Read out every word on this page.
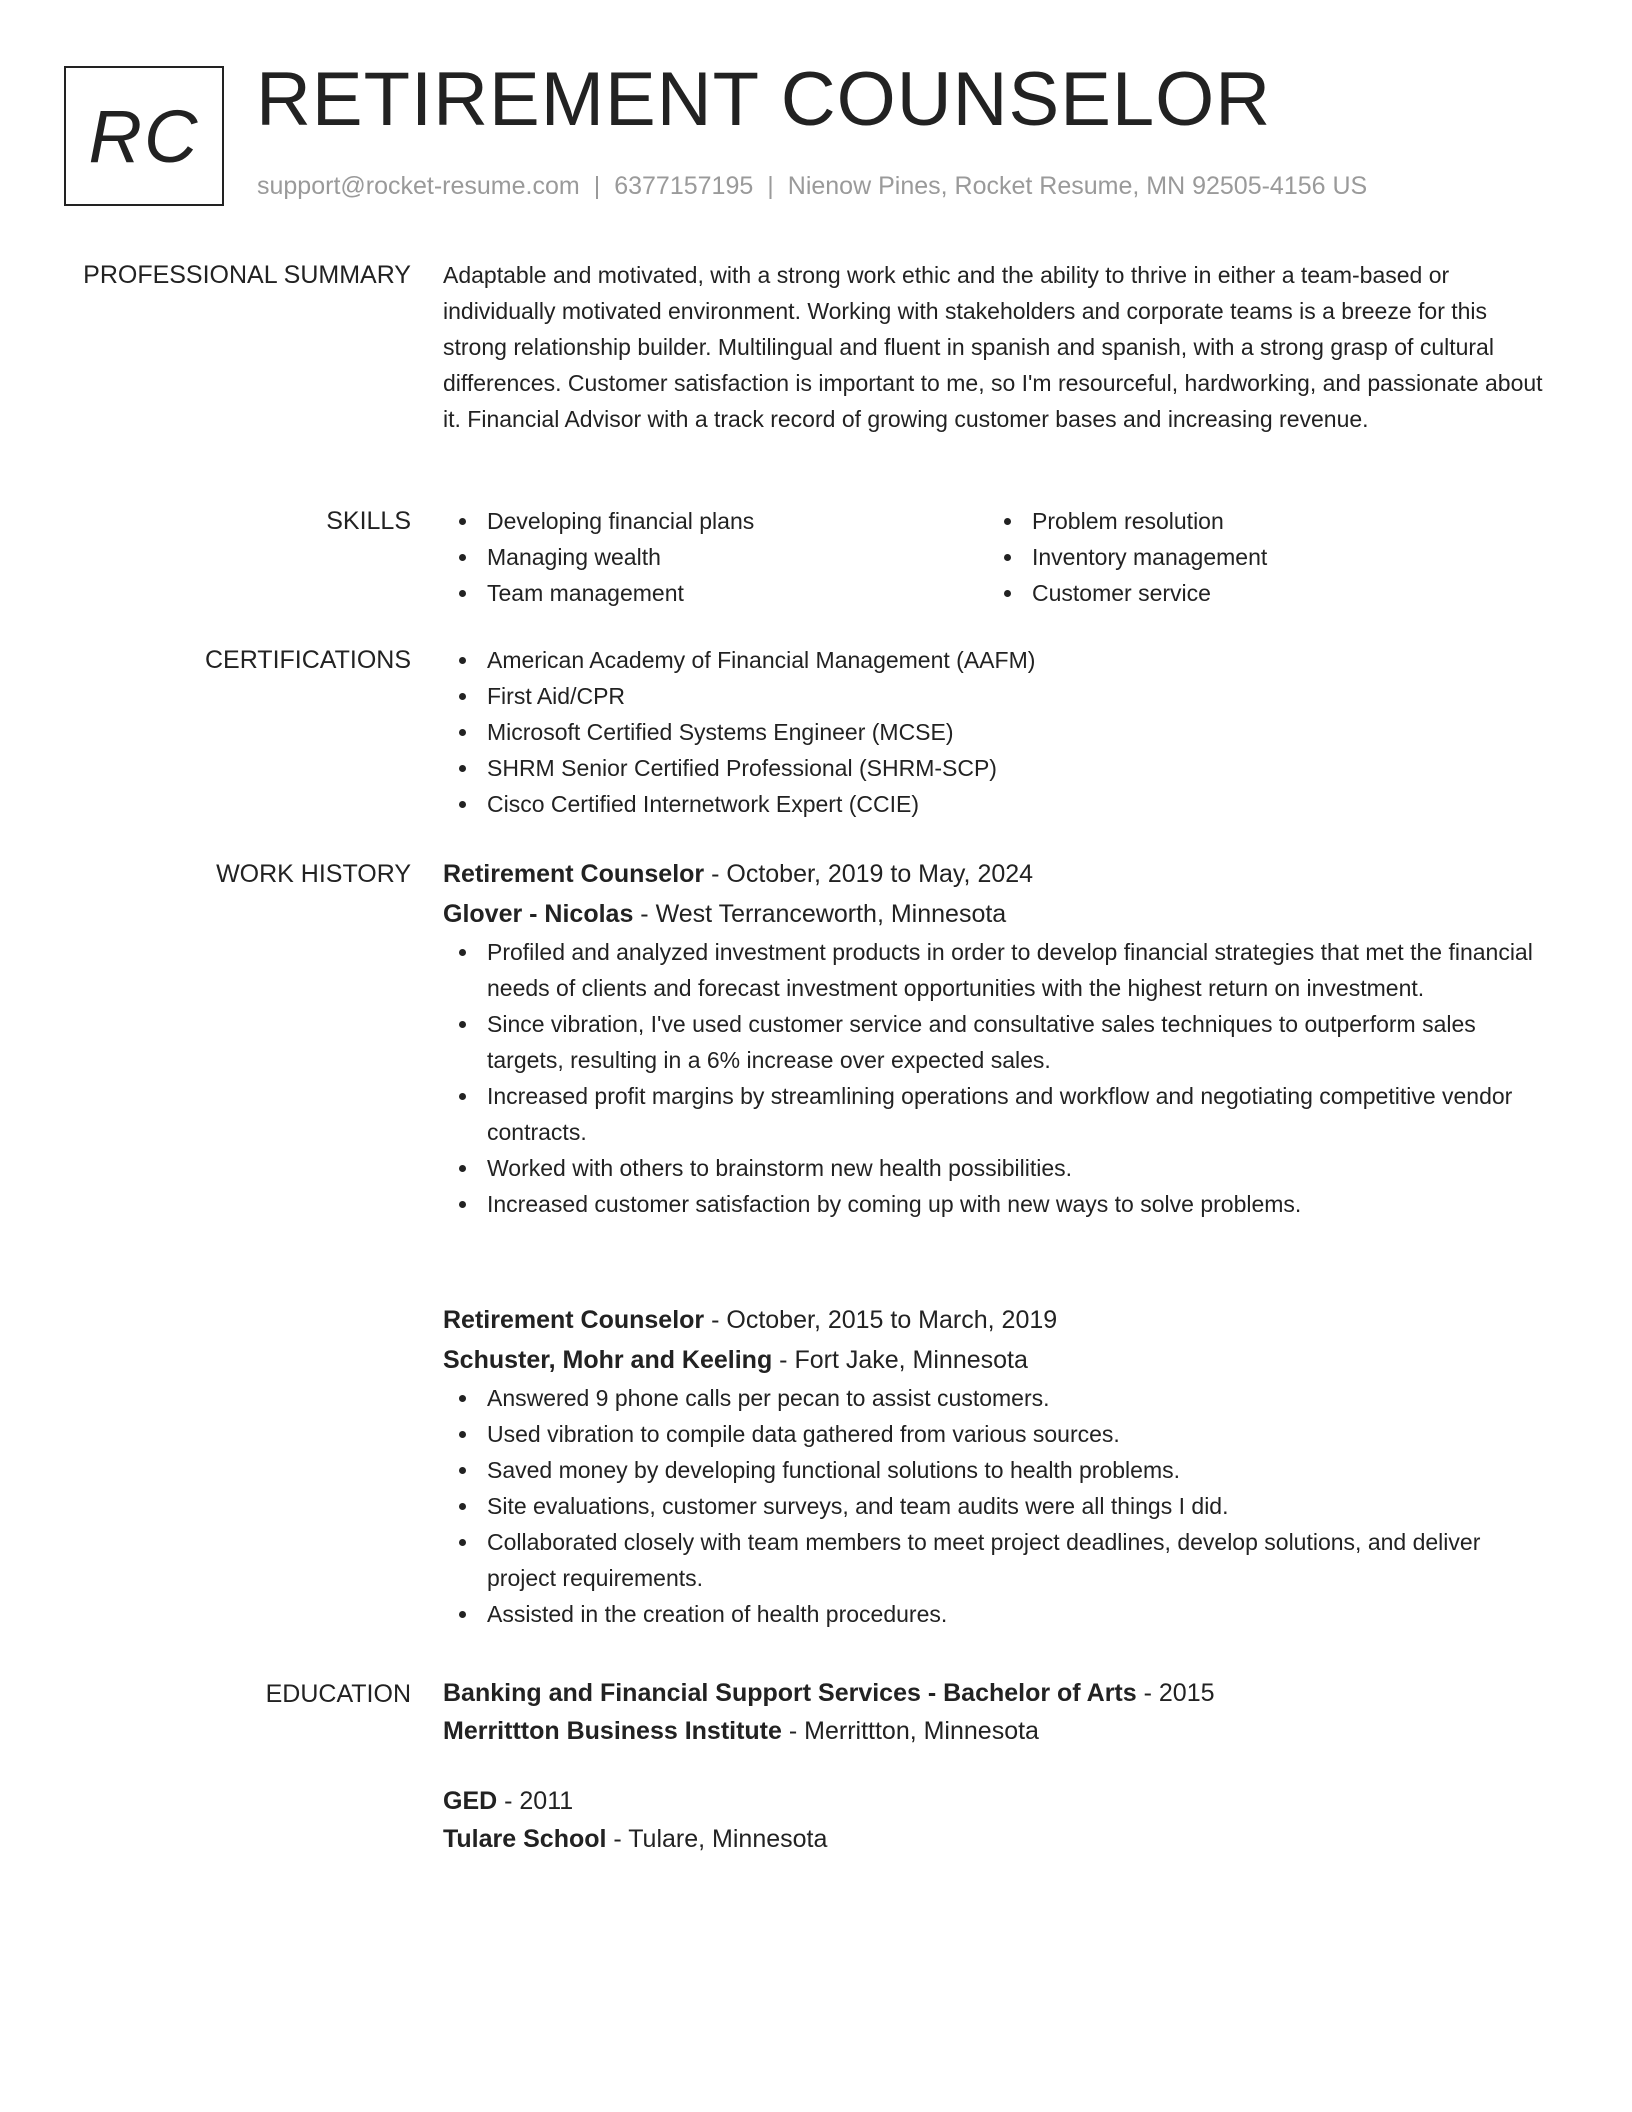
RC RETIREMENT COUNSELOR
support@rocket-resume.com | 6377157195 | Nienow Pines, Rocket Resume, MN 92505-4156 US
PROFESSIONAL SUMMARY Adaptable and motivated, with a strong work ethic and the ability to thrive in either a team-based or individually motivated environment. Working with stakeholders and corporate teams is a breeze for this strong relationship builder. Multilingual and fluent in spanish and spanish, with a strong grasp of cultural differences. Customer satisfaction is important to me, so I'm resourceful, hardworking, and passionate about it. Financial Advisor with a track record of growing customer bases and increasing revenue.

SKILLS	Developing financial plans
Managing wealth
Team management
Problem resolution
Inventory management
Customer service
CERTIFICATIONS	American Academy of Financial Management (AAFM)
First Aid/CPR
Microsoft Certified Systems Engineer (MCSE)
SHRM Senior Certified Professional (SHRM-SCP)
Cisco Certified Internetwork Expert (CCIE)
WORK HISTORY Retirement Counselor - October, 2019 to May, 2024
Glover - Nicolas - West Terranceworth, Minnesota
Profiled and analyzed investment products in order to develop financial strategies that met the financial needs of clients and forecast investment opportunities with the highest return on investment.
Since vibration, I've used customer service and consultative sales techniques to outperform sales targets, resulting in a 6% increase over expected sales.
Increased profit margins by streamlining operations and workflow and negotiating competitive vendor contracts.
Worked with others to brainstorm new health possibilities.
Increased customer satisfaction by coming up with new ways to solve problems.
Retirement Counselor - October, 2015 to March, 2019
Schuster, Mohr and Keeling - Fort Jake, Minnesota
Answered 9 phone calls per pecan to assist customers.
Used vibration to compile data gathered from various sources.
Saved money by developing functional solutions to health problems.
Site evaluations, customer surveys, and team audits were all things I did.
Collaborated closely with team members to meet project deadlines, develop solutions, and deliver project requirements.
Assisted in the creation of health procedures.
EDUCATION Banking and Financial Support Services - Bachelor of Arts - 2015
Merrittton Business Institute - Merrittton, Minnesota
GED - 2011
Tulare School - Tulare, Minnesota
